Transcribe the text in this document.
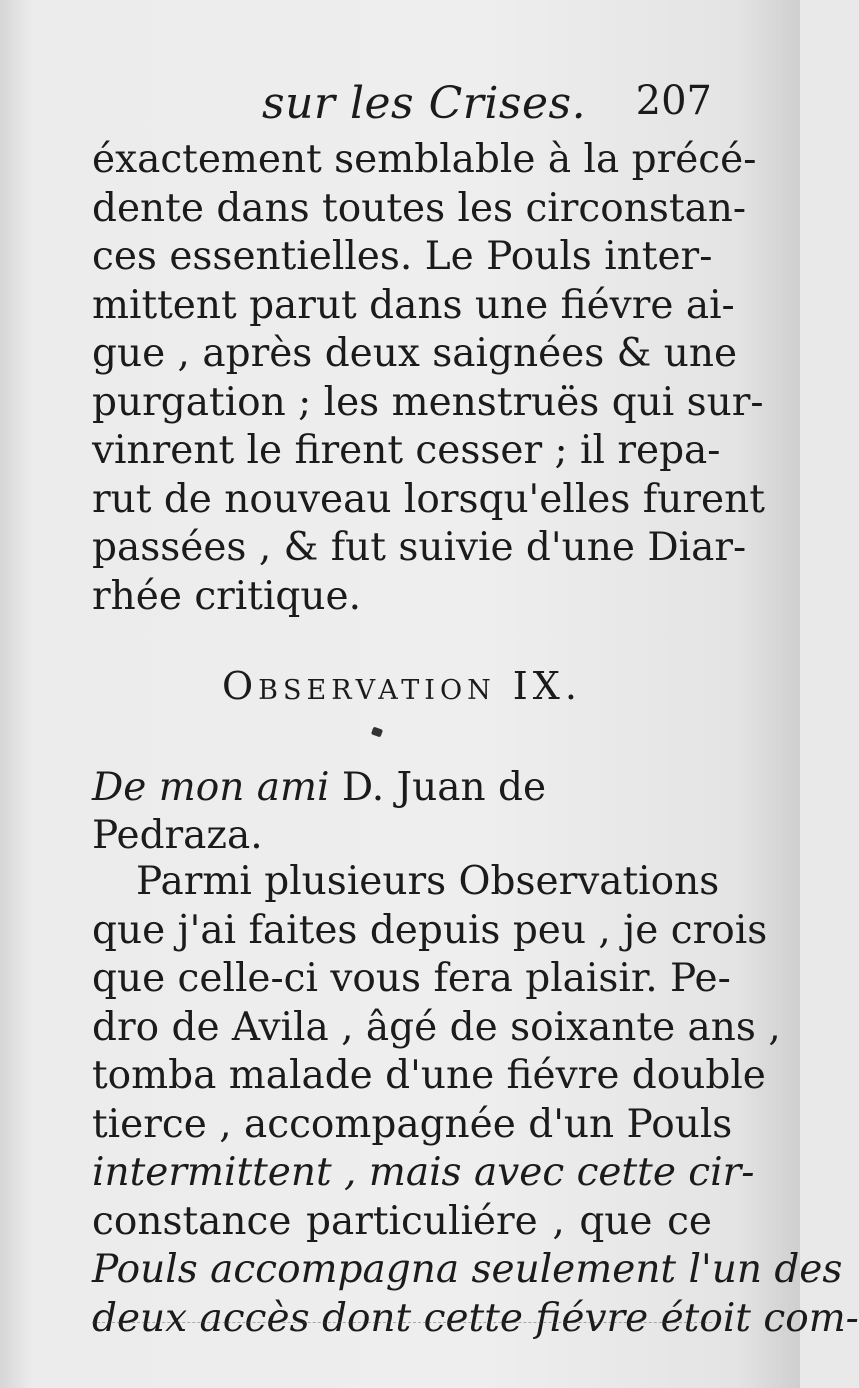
sur les Crises. 207
éxactement semblable à la précé-
dente dans toutes les circonstan-
ces essentielles. Le Pouls inter-
mittent parut dans une fiévre ai-
gue , après deux saignées & une
purgation ; les menstruës qui sur-
vinrent le firent cesser ; il repa-
rut de nouveau lorsqu'elles furent
passées , & fut suivie d'une Diar-
rhée critique.
Observation IX.
De mon ami D. Juan de Pedraza.
Parmi plusieurs Observations
que j'ai faites depuis peu , je crois
que celle-ci vous fera plaisir. Pe-
dro de Avila , âgé de soixante ans ,
tomba malade d'une fiévre double
tierce , accompagnée d'un Pouls
intermittent , mais avec cette cir-
constance particuliére , que ce
Pouls accompagna seulement l'un des
deux accès dont cette fiévre étoit com-
